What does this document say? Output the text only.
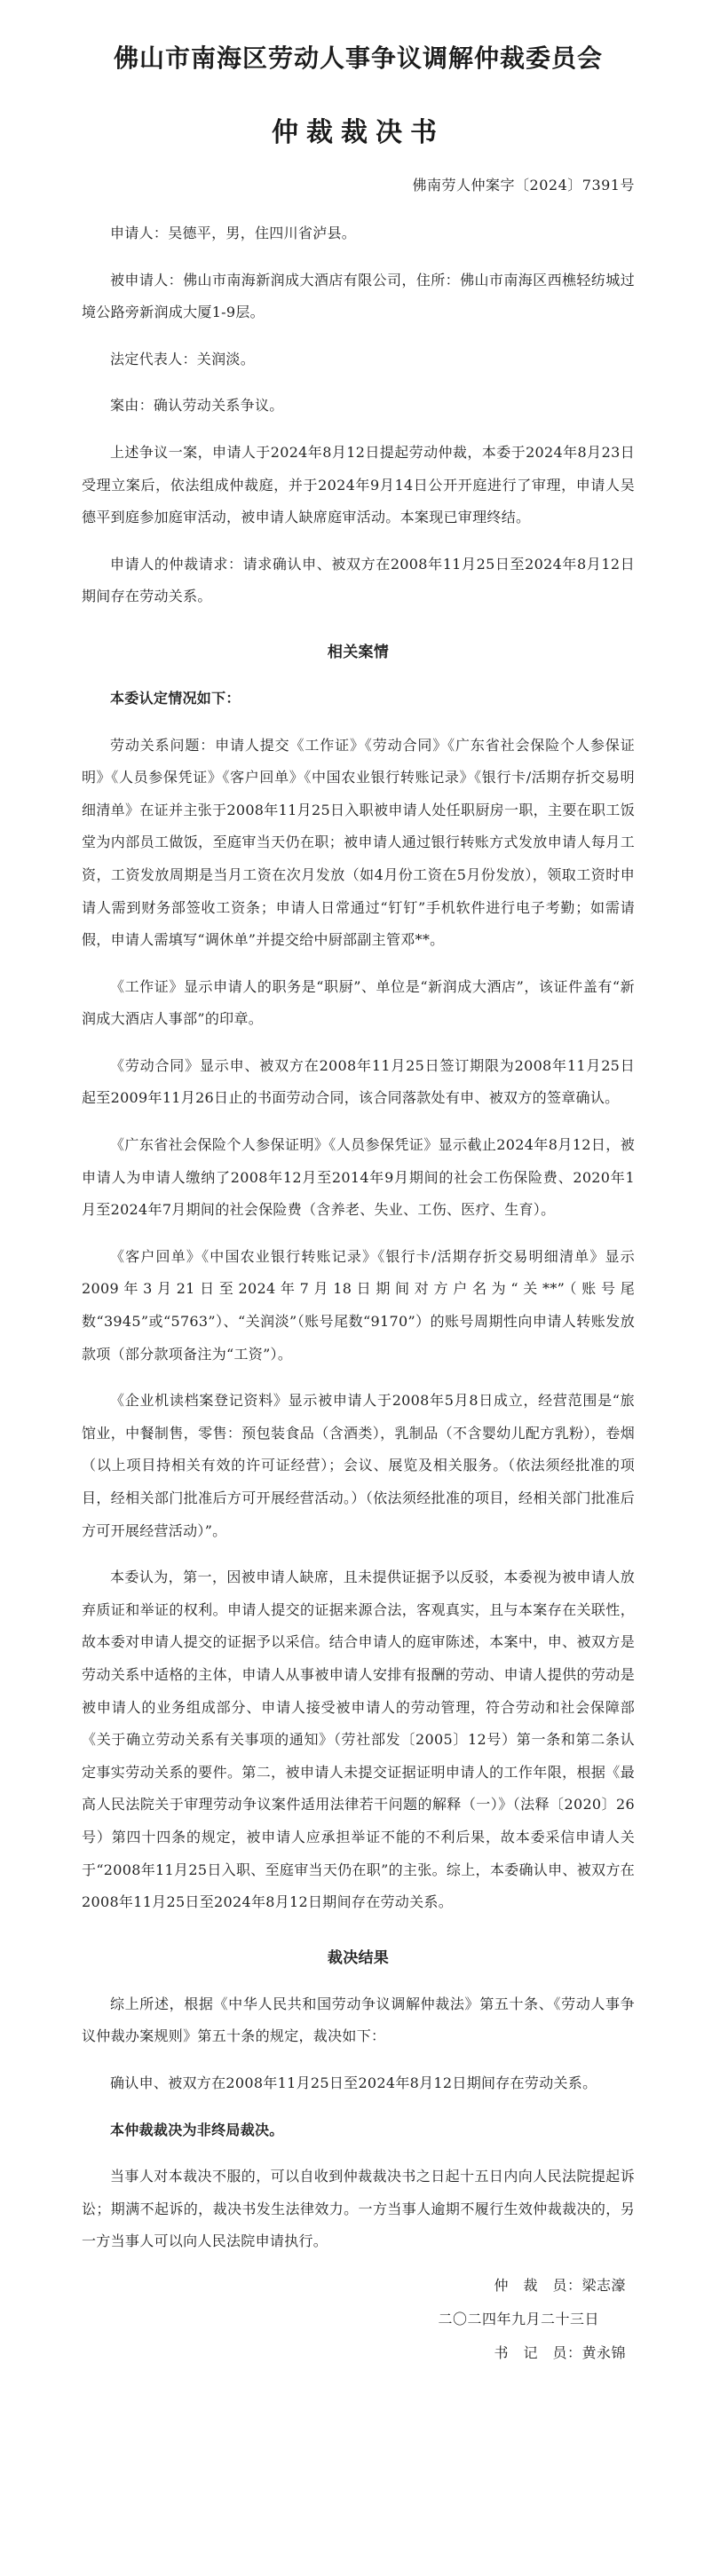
佛山市南海区劳动人事争议调解仲裁委员会
仲裁裁决书
佛南劳人仲案字〔2024〕7391号

申请人：吴德平，男，住四川省泸县。

被申请人：佛山市南海新润成大酒店有限公司，住所：佛山市南海区西樵轻纺城过境公路旁新润成大厦1-9层。

法定代表人：关润淡。

案由：确认劳动关系争议。

上述争议一案，申请人于2024年8月12日提起劳动仲裁，本委于2024年8月23日受理立案后，依法组成仲裁庭，并于2024年9月14日公开开庭进行了审理，申请人吴德平到庭参加庭审活动，被申请人缺席庭审活动。本案现已审理终结。

申请人的仲裁请求：请求确认申、被双方在2008年11月25日至2024年8月12日期间存在劳动关系。

相关案情

本委认定情况如下：

劳动关系问题：申请人提交《工作证》《劳动合同》《广东省社会保险个人参保证明》《人员参保凭证》《客户回单》《中国农业银行转账记录》《银行卡/活期存折交易明细清单》在证并主张于2008年11月25日入职被申请人处任职厨房一职，主要在职工饭堂为内部员工做饭，至庭审当天仍在职；被申请人通过银行转账方式发放申请人每月工资，工资发放周期是当月工资在次月发放（如4月份工资在5月份发放），领取工资时申请人需到财务部签收工资条；申请人日常通过“钉钉”手机软件进行电子考勤；如需请假，申请人需填写“调休单”并提交给中厨部副主管邓**。

《工作证》显示申请人的职务是“职厨”、单位是“新润成大酒店”，该证件盖有“新润成大酒店人事部”的印章。

《劳动合同》显示申、被双方在2008年11月25日签订期限为2008年11月25日起至2009年11月26日止的书面劳动合同，该合同落款处有申、被双方的签章确认。

《广东省社会保险个人参保证明》《人员参保凭证》显示截止2024年8月12日，被申请人为申请人缴纳了2008年12月至2014年9月期间的社会工伤保险费、2020年1月至2024年7月期间的社会保险费（含养老、失业、工伤、医疗、生育）。

《客户回单》《中国农业银行转账记录》《银行卡/活期存折交易明细清单》显示2009年3月21日至2024年7月18日期间对方户名为“关**”（账号尾数“3945”或“5763”）、“关润淡”（账号尾数“9170”）的账号周期性向申请人转账发放款项（部分款项备注为“工资”）。

《企业机读档案登记资料》显示被申请人于2008年5月8日成立，经营范围是“旅馆业，中餐制售，零售：预包装食品（含酒类），乳制品（不含婴幼儿配方乳粉），卷烟（以上项目持相关有效的许可证经营）；会议、展览及相关服务。（依法须经批准的项目，经相关部门批准后方可开展经营活动。）（依法须经批准的项目，经相关部门批准后方可开展经营活动）”。

本委认为，第一，因被申请人缺席，且未提供证据予以反驳，本委视为被申请人放弃质证和举证的权利。申请人提交的证据来源合法，客观真实，且与本案存在关联性，故本委对申请人提交的证据予以采信。结合申请人的庭审陈述，本案中，申、被双方是劳动关系中适格的主体，申请人从事被申请人安排有报酬的劳动、申请人提供的劳动是被申请人的业务组成部分、申请人接受被申请人的劳动管理，符合劳动和社会保障部《关于确立劳动关系有关事项的通知》（劳社部发〔2005〕12号）第一条和第二条认定事实劳动关系的要件。第二，被申请人未提交证据证明申请人的工作年限，根据《最高人民法院关于审理劳动争议案件适用法律若干问题的解释（一）》（法释〔2020〕26号）第四十四条的规定，被申请人应承担举证不能的不利后果，故本委采信申请人关于“2008年11月25日入职、至庭审当天仍在职”的主张。综上，本委确认申、被双方在2008年11月25日至2024年8月12日期间存在劳动关系。

裁决结果

综上所述，根据《中华人民共和国劳动争议调解仲裁法》第五十条、《劳动人事争议仲裁办案规则》第五十条的规定，裁决如下：

确认申、被双方在2008年11月25日至2024年8月12日期间存在劳动关系。

本仲裁裁决为非终局裁决。

当事人对本裁决不服的，可以自收到仲裁裁决书之日起十五日内向人民法院提起诉讼；期满不起诉的，裁决书发生法律效力。一方当事人逾期不履行生效仲裁裁决的，另一方当事人可以向人民法院申请执行。

仲　裁　员：梁志濠
二〇二四年九月二十三日
书　记　员：黄永锦
